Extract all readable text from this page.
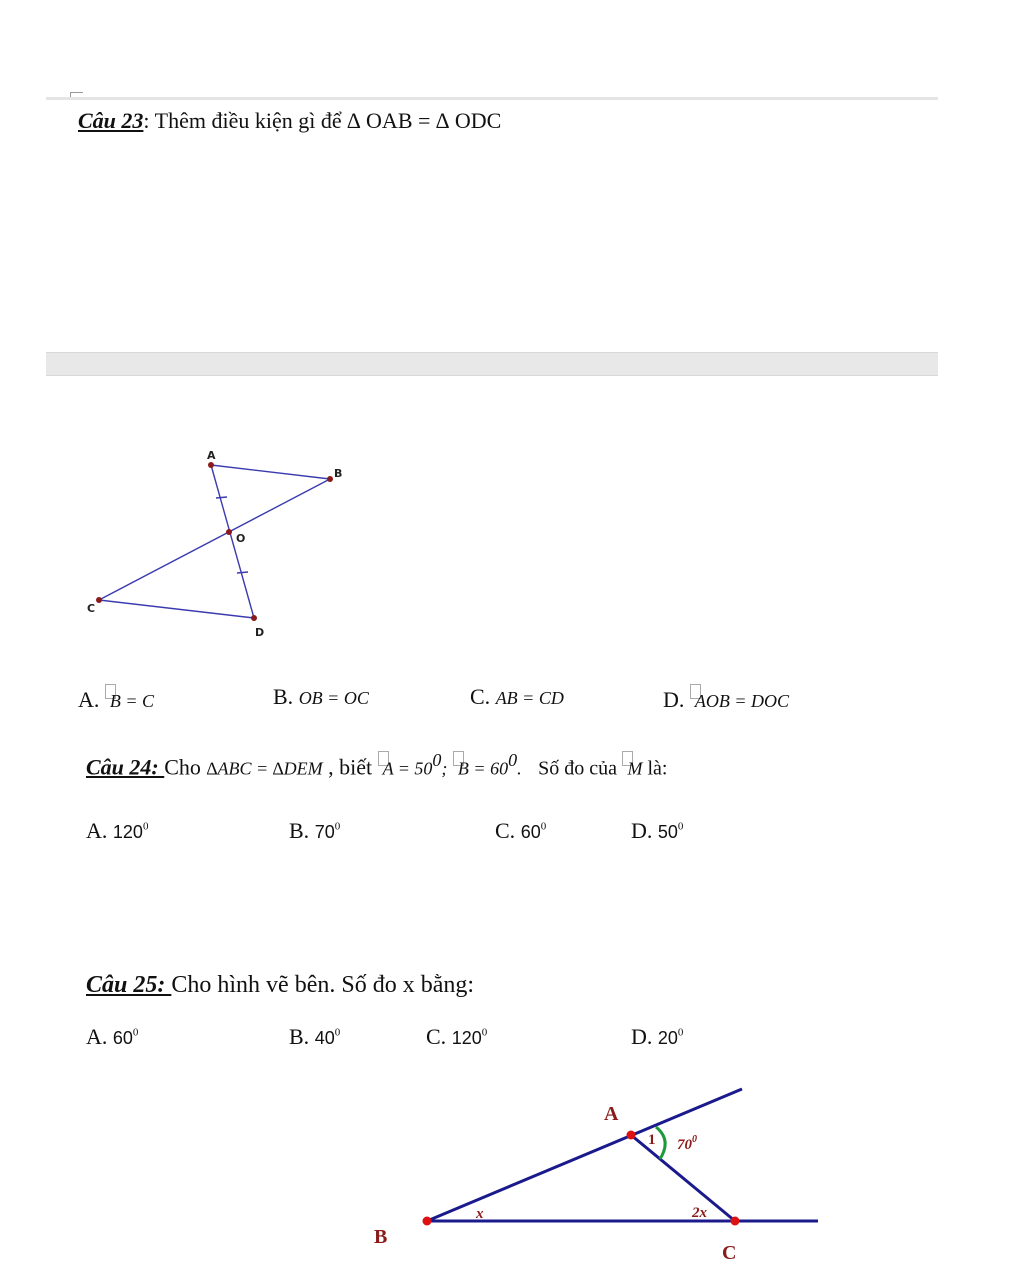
Câu 23: Thêm điều kiện gì để ∆ OAB = ∆ ODC
A
B
O
C
D
A. B = C	B. OB = OC	C. AB = CD	D. AOB = DOC
Câu 24: Cho ∆ABC = ∆DEM , biết $A = 50^0$; $B = 60^0$. Số đo của M là:
A. $120^0$	B. $70^0$	C. $60^0$	D. $50^0$
Câu 25: Cho hình vẽ bên. Số đo x bằng:
A. $60^0$	B. $40^0$	C. $120^0$	D. $20^0$
A
B
C
1 $70^0$
x	2x
